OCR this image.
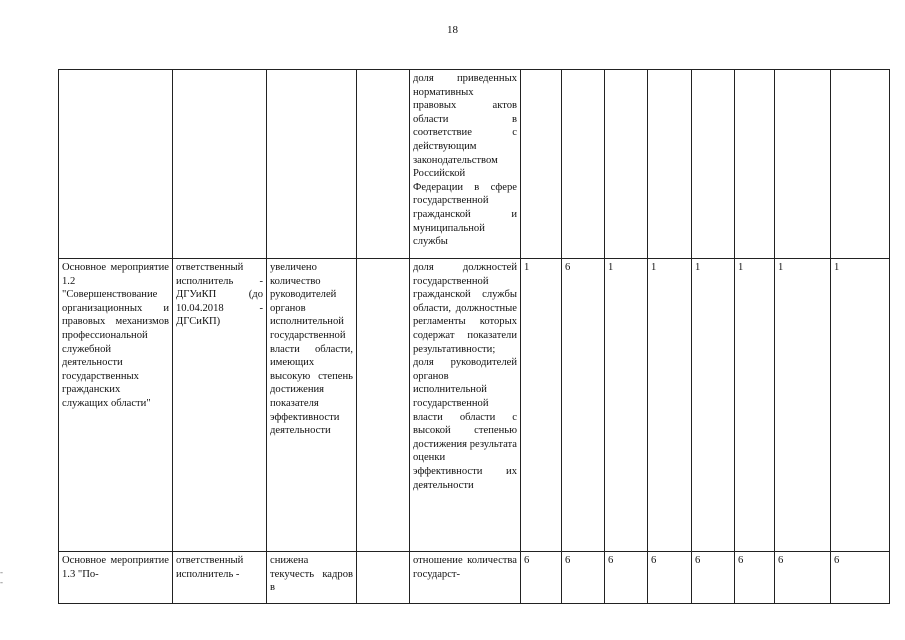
18
-
-
				доля приведенных нормативных правовых актов области в соответствие с действующим законодательством Российской Федерации в сфере государственной гражданской и муниципальной службы								
Основное мероприятие 1.2 "Совершенствование организационных и правовых механизмов профессиональной служебной деятельности государственных гражданских служащих области"	ответственный исполнитель - ДГУиКП (до 10.04.2018 - ДГСиКП)	увеличено количество руководителей органов исполнительной государственной власти области, имеющих высокую степень достижения показателя эффективности деятельности		доля должностей государственной гражданской службы области, должностные регламенты которых содержат показатели результативности; доля руководителей органов исполнительной государственной власти области с высокой степенью достижения результата оценки эффективности их деятельности	1	6	1	1	1	1	1	1
Основное мероприятие 1.3 "По-	ответственный исполнитель -	снижена текучесть кадров в		отношение количества государст-	6	6	6	6	6	6	6	6
